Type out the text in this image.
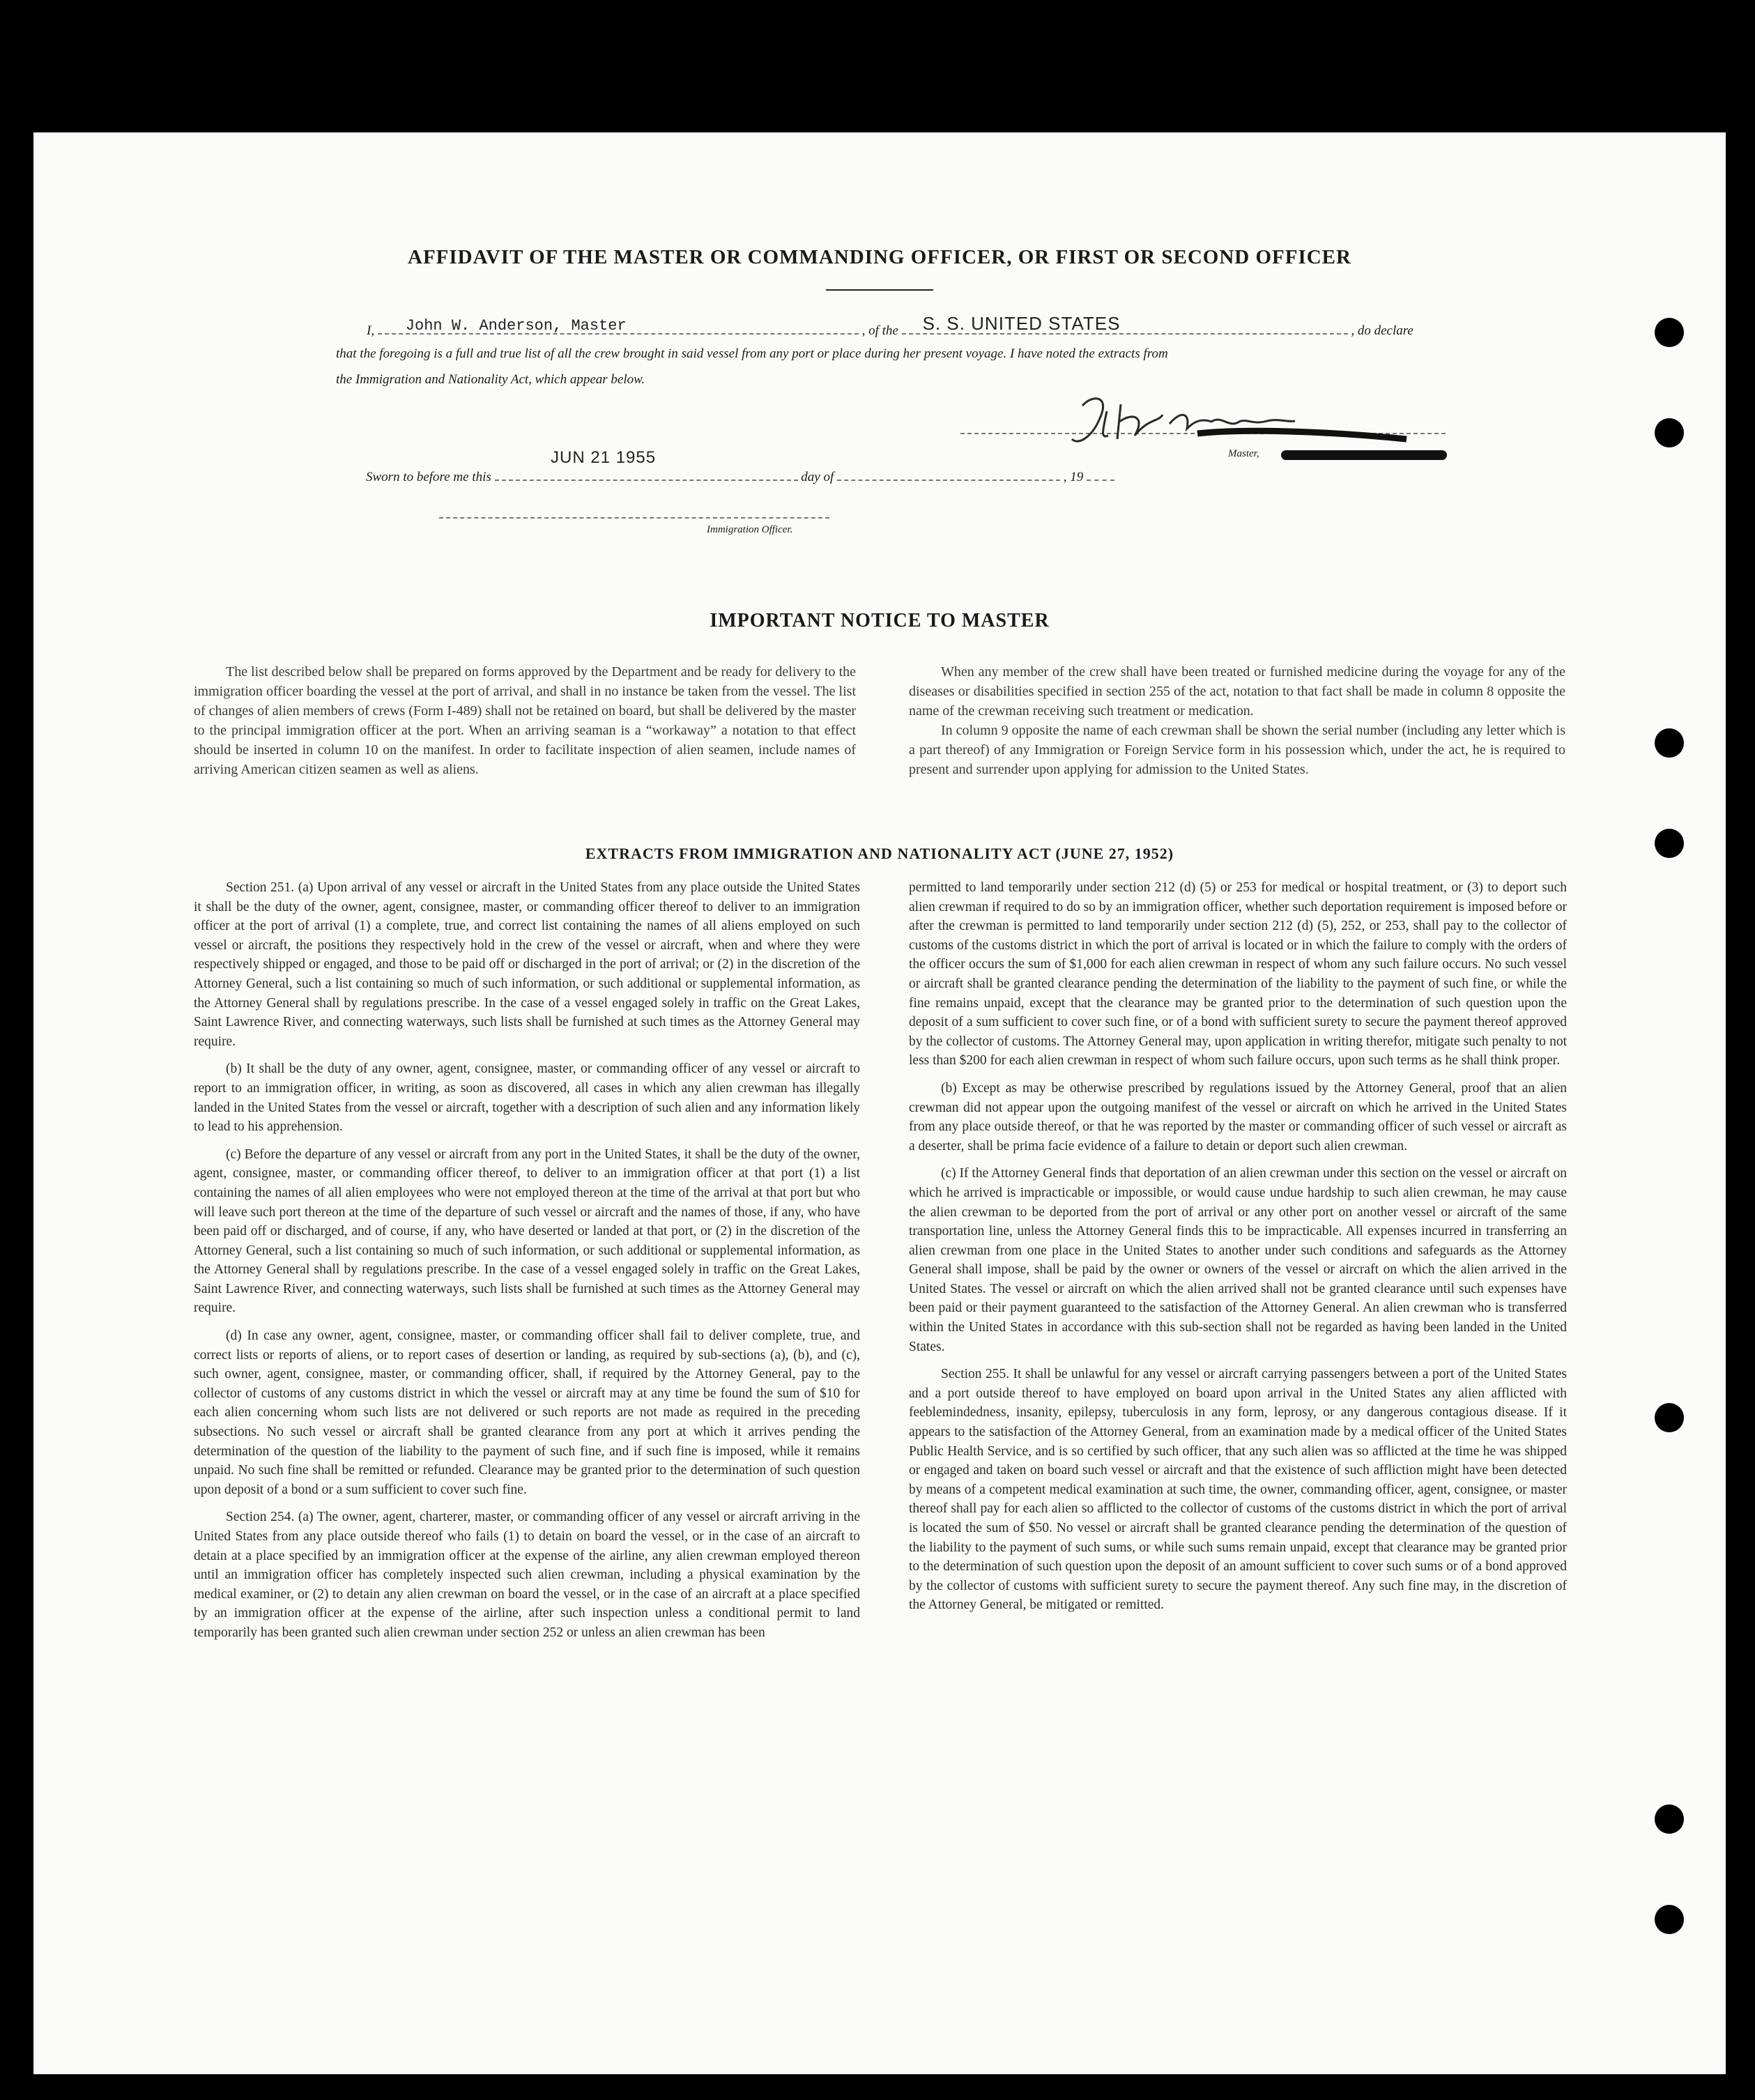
AFFIDAVIT OF THE MASTER OR COMMANDING OFFICER, OR FIRST OR SECOND OFFICER
I, John W. Anderson, Master	, of the S. S. UNITED STATES	, do declare
that the foregoing is a full and true list of all the crew brought in said vessel from any port or place during her present voyage. I have noted the extracts from
the Immigration and Nationality Act, which appear below.
Master,
JUN 21 1955
Sworn to before me this	day of	, 19
Immigration Officer.
IMPORTANT NOTICE TO MASTER

The list described below shall be prepared on forms approved by the Department and be ready for delivery to the immigration officer boarding the vessel at the port of arrival, and shall in no instance be taken from the vessel. The list of changes of alien members of crews (Form I-489) shall not be retained on board, but shall be delivered by the master to the principal immigration officer at the port. When an arriving seaman is a “workaway” a notation to that effect should be inserted in column 10 on the manifest. In order to facilitate inspection of alien seamen, include names of arriving American citizen seamen as well as aliens.

When any member of the crew shall have been treated or furnished medicine during the voyage for any of the diseases or disabilities specified in section 255 of the act, notation to that fact shall be made in column 8 opposite the name of the crewman receiving such treatment or medication.

In column 9 opposite the name of each crewman shall be shown the serial number (including any letter which is a part thereof) of any Immigration or Foreign Service form in his possession which, under the act, he is required to present and surrender upon applying for admission to the United States.

EXTRACTS FROM IMMIGRATION AND NATIONALITY ACT (JUNE 27, 1952)

Section 251. (a) Upon arrival of any vessel or aircraft in the United States from any place outside the United States it shall be the duty of the owner, agent, consignee, master, or commanding officer thereof to deliver to an immigration officer at the port of arrival (1) a complete, true, and correct list containing the names of all aliens employed on such vessel or aircraft, the positions they respectively hold in the crew of the vessel or aircraft, when and where they were respectively shipped or engaged, and those to be paid off or discharged in the port of arrival; or (2) in the discretion of the Attorney General, such a list containing so much of such information, or such additional or supplemental information, as the Attorney General shall by regulations prescribe. In the case of a vessel engaged solely in traffic on the Great Lakes, Saint Lawrence River, and connecting waterways, such lists shall be furnished at such times as the Attorney General may require.

(b) It shall be the duty of any owner, agent, consignee, master, or commanding officer of any vessel or aircraft to report to an immigration officer, in writing, as soon as discovered, all cases in which any alien crewman has illegally landed in the United States from the vessel or aircraft, together with a description of such alien and any information likely to lead to his apprehension.

(c) Before the departure of any vessel or aircraft from any port in the United States, it shall be the duty of the owner, agent, consignee, master, or commanding officer thereof, to deliver to an immigration officer at that port (1) a list containing the names of all alien employees who were not employed thereon at the time of the arrival at that port but who will leave such port thereon at the time of the departure of such vessel or aircraft and the names of those, if any, who have been paid off or discharged, and of course, if any, who have deserted or landed at that port, or (2) in the discretion of the Attorney General, such a list containing so much of such information, or such additional or supplemental information, as the Attorney General shall by regulations prescribe. In the case of a vessel engaged solely in traffic on the Great Lakes, Saint Lawrence River, and connecting waterways, such lists shall be furnished at such times as the Attorney General may require.

(d) In case any owner, agent, consignee, master, or commanding officer shall fail to deliver complete, true, and correct lists or reports of aliens, or to report cases of desertion or landing, as required by sub-sections (a), (b), and (c), such owner, agent, consignee, master, or commanding officer, shall, if required by the Attorney General, pay to the collector of customs of any customs district in which the vessel or aircraft may at any time be found the sum of $10 for each alien concerning whom such lists are not delivered or such reports are not made as required in the preceding subsections. No such vessel or aircraft shall be granted clearance from any port at which it arrives pending the determination of the question of the liability to the payment of such fine, and if such fine is imposed, while it remains unpaid. No such fine shall be remitted or refunded. Clearance may be granted prior to the determination of such question upon deposit of a bond or a sum sufficient to cover such fine.

Section 254. (a) The owner, agent, charterer, master, or commanding officer of any vessel or aircraft arriving in the United States from any place outside thereof who fails (1) to detain on board the vessel, or in the case of an aircraft to detain at a place specified by an immigration officer at the expense of the airline, any alien crewman employed thereon until an immigration officer has completely inspected such alien crewman, including a physical examination by the medical examiner, or (2) to detain any alien crewman on board the vessel, or in the case of an aircraft at a place specified by an immigration officer at the expense of the airline, after such inspection unless a conditional permit to land temporarily has been granted such alien crewman under section 252 or unless an alien crewman has been

permitted to land temporarily under section 212 (d) (5) or 253 for medical or hospital treatment, or (3) to deport such alien crewman if required to do so by an immigration officer, whether such deportation requirement is imposed before or after the crewman is permitted to land temporarily under section 212 (d) (5), 252, or 253, shall pay to the collector of customs of the customs district in which the port of arrival is located or in which the failure to comply with the orders of the officer occurs the sum of $1,000 for each alien crewman in respect of whom any such failure occurs. No such vessel or aircraft shall be granted clearance pending the determination of the liability to the payment of such fine, or while the fine remains unpaid, except that the clearance may be granted prior to the determination of such question upon the deposit of a sum sufficient to cover such fine, or of a bond with sufficient surety to secure the payment thereof approved by the collector of customs. The Attorney General may, upon application in writing therefor, mitigate such penalty to not less than $200 for each alien crewman in respect of whom such failure occurs, upon such terms as he shall think proper.

(b) Except as may be otherwise prescribed by regulations issued by the Attorney General, proof that an alien crewman did not appear upon the outgoing manifest of the vessel or aircraft on which he arrived in the United States from any place outside thereof, or that he was reported by the master or commanding officer of such vessel or aircraft as a deserter, shall be prima facie evidence of a failure to detain or deport such alien crewman.

(c) If the Attorney General finds that deportation of an alien crewman under this section on the vessel or aircraft on which he arrived is impracticable or impossible, or would cause undue hardship to such alien crewman, he may cause the alien crewman to be deported from the port of arrival or any other port on another vessel or aircraft of the same transportation line, unless the Attorney General finds this to be impracticable. All expenses incurred in transferring an alien crewman from one place in the United States to another under such conditions and safeguards as the Attorney General shall impose, shall be paid by the owner or owners of the vessel or aircraft on which the alien arrived in the United States. The vessel or aircraft on which the alien arrived shall not be granted clearance until such expenses have been paid or their payment guaranteed to the satisfaction of the Attorney General. An alien crewman who is transferred within the United States in accordance with this sub-section shall not be regarded as having been landed in the United States.

Section 255. It shall be unlawful for any vessel or aircraft carrying passengers between a port of the United States and a port outside thereof to have employed on board upon arrival in the United States any alien afflicted with feeblemindedness, insanity, epilepsy, tuberculosis in any form, leprosy, or any dangerous contagious disease. If it appears to the satisfaction of the Attorney General, from an examination made by a medical officer of the United States Public Health Service, and is so certified by such officer, that any such alien was so afflicted at the time he was shipped or engaged and taken on board such vessel or aircraft and that the existence of such affliction might have been detected by means of a competent medical examination at such time, the owner, commanding officer, agent, consignee, or master thereof shall pay for each alien so afflicted to the collector of customs of the customs district in which the port of arrival is located the sum of $50. No vessel or aircraft shall be granted clearance pending the determination of the question of the liability to the payment of such sums, or while such sums remain unpaid, except that clearance may be granted prior to the determination of such question upon the deposit of an amount sufficient to cover such sums or of a bond approved by the collector of customs with sufficient surety to secure the payment thereof. Any such fine may, in the discretion of the Attorney General, be mitigated or remitted.
